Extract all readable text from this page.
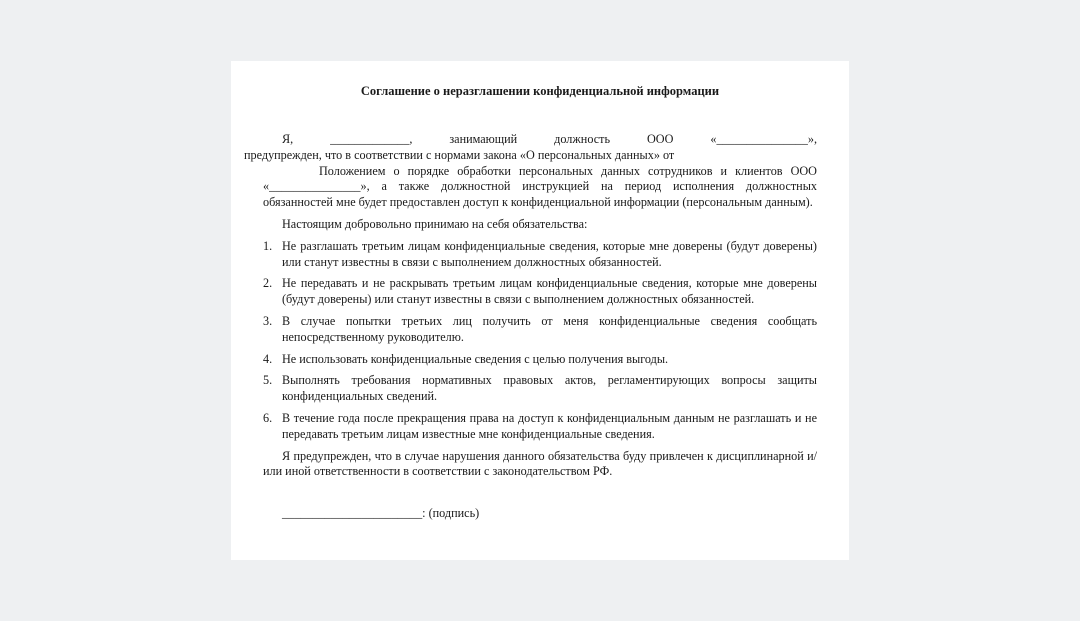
Соглашение о неразглашении конфиденциальной информации

Я, _____________, занимающий должность ООО «_______________»,
предупрежден, что в соответствии с нормами закона «О персональных данных» от
Положением о порядке обработки персональных данных сотрудников и клиентов ООО «_______________», а также должностной инструкцией на период исполнения должностных обязанностей мне будет предоставлен доступ к конфиденциальной информации (персональным данным).

Настоящим добровольно принимаю на себя обязательства:

1. Не разглашать третьим лицам конфиденциальные сведения, которые мне доверены (будут доверены) или станут известны в связи с выполнением должностных обязанностей.
2. Не передавать и не раскрывать третьим лицам конфиденциальные сведения, которые мне доверены (будут доверены) или станут известны в связи с выполнением должностных обязанностей.
3. В случае попытки третьих лиц получить от меня конфиденциальные сведения сообщать непосредственному руководителю.
4. Не использовать конфиденциальные сведения с целью получения выгоды.
5. Выполнять требования нормативных правовых актов, регламентирующих вопросы защиты конфиденциальных сведений.
6. В течение года после прекращения права на доступ к конфиденциальным данным не разглашать и не передавать третьим лицам известные мне конфиденциальные сведения.

Я предупрежден, что в случае нарушения данного обязательства буду привлечен к дисциплинарной и/или иной ответственности в соответствии с законодательством РФ.

_______________________: (подпись)
